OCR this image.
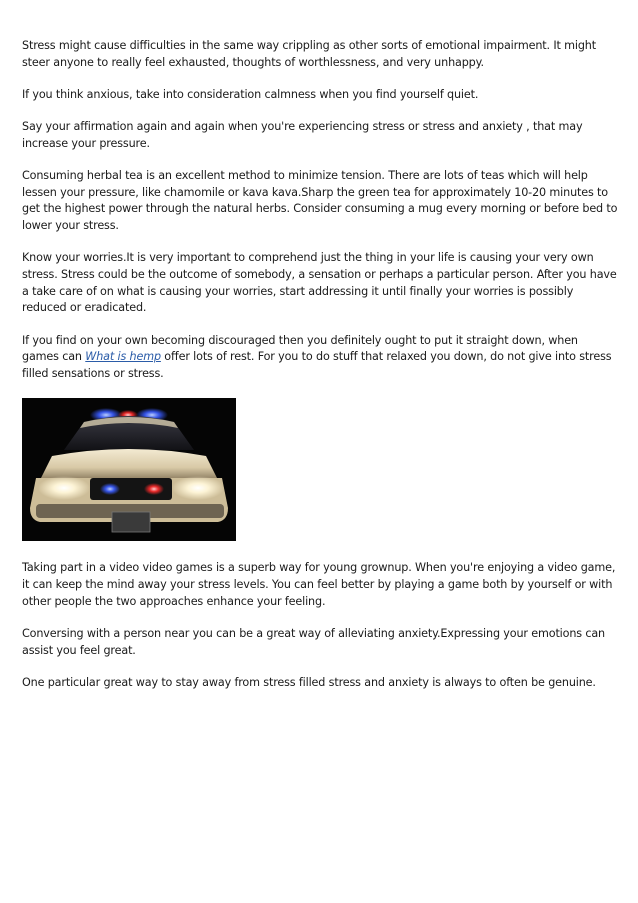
Stress might cause difficulties in the same way crippling as other sorts of emotional impairment. It might steer anyone to really feel exhausted, thoughts of worthlessness, and very unhappy.

If you think anxious, take into consideration calmness when you find yourself quiet.

Say your affirmation again and again when you're experiencing stress or stress and anxiety , that may increase your pressure.

Consuming herbal tea is an excellent method to minimize tension. There are lots of teas which will help lessen your pressure, like chamomile or kava kava.Sharp the green tea for approximately 10-20 minutes to get the highest power through the natural herbs. Consider consuming a mug every morning or before bed to lower your stress.

Know your worries.It is very important to comprehend just the thing in your life is causing your very own stress. Stress could be the outcome of somebody, a sensation or perhaps a particular person. After you have a take care of on what is causing your worries, start addressing it until finally your worries is possibly reduced or eradicated.

If you find on your own becoming discouraged then you definitely ought to put it straight down, when games can What is hemp offer lots of rest. For you to do stuff that relaxed you down, do not give into stress filled sensations or stress.

Taking part in a video video games is a superb way for young grownup. When you're enjoying a video game, it can keep the mind away your stress levels. You can feel better by playing a game both by yourself or with other people the two approaches enhance your feeling.

Conversing with a person near you can be a great way of alleviating anxiety.Expressing your emotions can assist you feel great.

One particular great way to stay away from stress filled stress and anxiety is always to often be genuine.
